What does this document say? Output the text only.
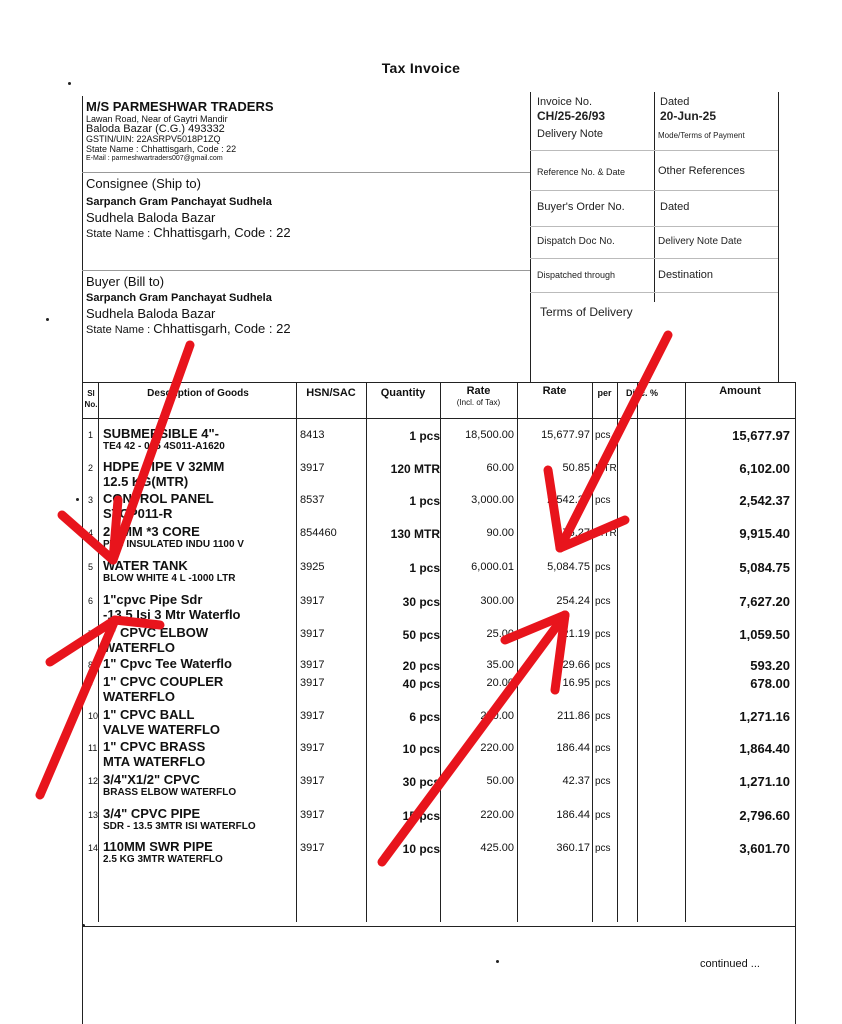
Tax Invoice
M/S PARMESHWAR TRADERS
Lawan Road, Near of Gaytri Mandir
Baloda Bazar (C.G.) 493332
GSTIN/UIN: 22ASRPV5018P1ZQ
State Name : Chhattisgarh, Code : 22
E-Mail : parmeshwartraders007@gmail.com
Consignee (Ship to)
Sarpanch Gram Panchayat Sudhela
Sudhela Baloda Bazar
State Name : Chhattisgarh, Code : 22
Buyer (Bill to)
Sarpanch Gram Panchayat Sudhela
Sudhela Baloda Bazar
State Name : Chhattisgarh, Code : 22
Invoice No.
CH/25-26/93
Delivery Note
Dated
20-Jun-25
Mode/Terms of Payment
Reference No. & Date	Other References
Buyer's Order No.	Dated
Dispatch Doc No.	Delivery Note Date
Dispatched through	Destination
Terms of Delivery
Sl No.
Description of Goods	HSN/SAC	Quantity	Rate
(Incl. of Tax)
Rate	per	Disc. %	Amount
1 SUBMERSIBLE 4"-
TE4 42 - 045 4S011-A1620
8413	1 pcs	18,500.00	15,677.97 pcs	15,677.97
2 HDPE PIPE V 32MM
12.5 KG(MTR)
3917	120 MTR	60.00	50.85 MTR	6,102.00
3 CONTROL PANEL
STCP011-R
8537	1 pcs	3,000.00	2,542.37 pcs	2,542.37
4 2.5MM *3 CORE
PVC INSULATED INDU 1100 V
854460	130 MTR	90.00	76.27 MTR	9,915.40
5 WATER TANK
BLOW WHITE 4 L -1000 LTR
3925	1 pcs	6,000.01	5,084.75 pcs	5,084.75
6 1"cpvc Pipe Sdr
-13.5 Isi 3 Mtr Waterflo
3917	30 pcs	300.00	254.24 pcs	7,627.20
7 1" CPVC ELBOW
WATERFLO
3917	50 pcs	25.00	21.19 pcs	1,059.50
8 1" Cpvc Tee Waterflo	3917	20 pcs	35.00	29.66 pcs	593.20
9 1" CPVC COUPLER
WATERFLO
3917	40 pcs	20.00	16.95 pcs	678.00
10 1" CPVC BALL
VALVE WATERFLO
3917	6 pcs	250.00	211.86 pcs	1,271.16
11 1" CPVC BRASS
MTA WATERFLO
3917	10 pcs	220.00	186.44 pcs	1,864.40
12 3/4"X1/2" CPVC
BRASS ELBOW WATERFLO
3917	30 pcs	50.00	42.37 pcs	1,271.10
13 3/4" CPVC PIPE
SDR - 13.5 3MTR ISI WATERFLO
3917	15 pcs	220.00	186.44 pcs	2,796.60
14 110MM SWR PIPE
2.5 KG 3MTR WATERFLO
3917	10 pcs	425.00	360.17 pcs	3,601.70
continued ...
